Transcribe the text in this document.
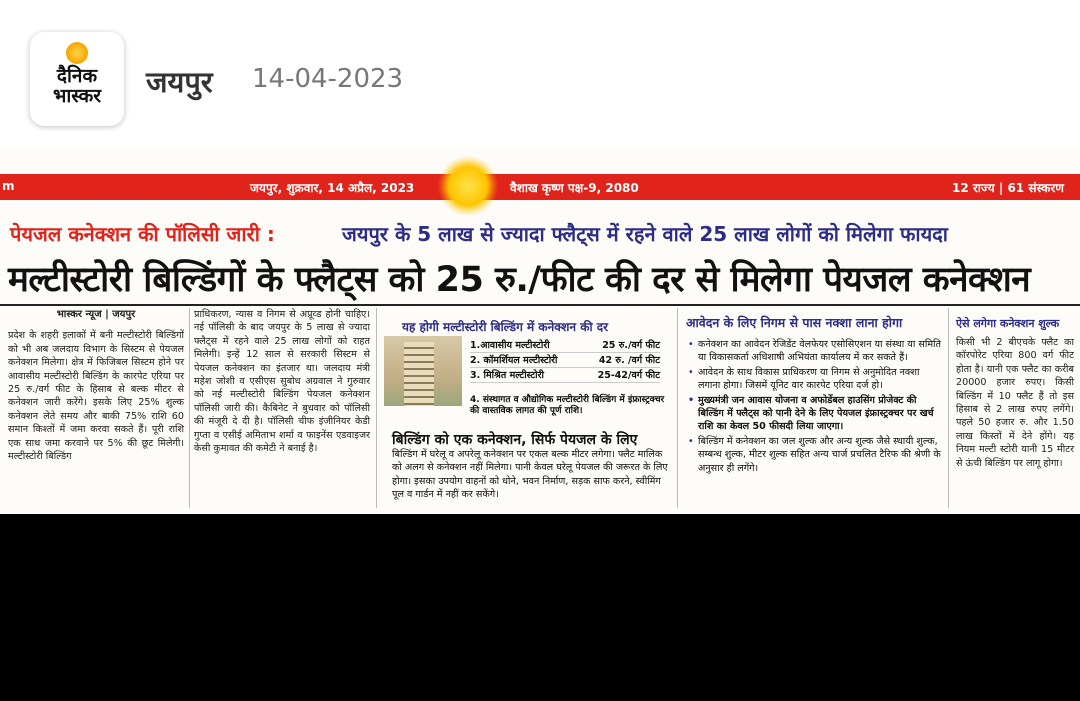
दैनिक भास्कर	जयपुर 14-04-2023
m	जयपुर, शुक्रवार, 14 अप्रैल, 2023	वैशाख कृष्ण पक्ष-9, 2080	12 राज्य | 61 संस्करण
पेयजल कनेक्शन की पॉलिसी जारी :	जयपुर के 5 लाख से ज्यादा फ्लैट्स में रहने वाले 25 लाख लोगों को मिलेगा फायदा
मल्टीस्टोरी बिल्डिंगों के फ्लैट्स को 25 रु./फीट की दर से मिलेगा पेयजल कनेक्शन
भास्कर न्यूज | जयपुर
प्रदेश के शहरी इलाकों में बनी मल्टीस्टोरी बिल्डिंगों को भी अब जलदाय विभाग के सिस्टम से पेयजल कनेक्शन मिलेगा। क्षेत्र में फिजिबल सिस्टम होने पर आवासीय मल्टीस्टोरी बिल्डिंग के कारपेट एरिया पर 25 रु./वर्ग फीट के हिसाब से बल्क मीटर से कनेक्शन जारी करेंगे। इसके लिए 25% शुल्क कनेक्शन लेते समय और बाकी 75% राशि 60 समान किश्तों में जमा करवा सकते हैं। पूरी राशि एक साथ जमा करवाने पर 5% की छूट मिलेगी। मल्टीस्टोरी बिल्डिंग
प्राधिकरण, न्यास व निगम से अप्रूव्ड होनी चाहिए। नई पॉलिसी के बाद जयपुर के 5 लाख से ज्यादा फ्लैट्स में रहने वाले 25 लाख लोगों को राहत मिलेगी। इन्हें 12 साल से सरकारी सिस्टम से पेयजल कनेक्शन का इंतजार था। जलदाय मंत्री महेश जोशी व एसीएस सुबोध अग्रवाल ने गुरुवार को नई मल्टीस्टोरी बिल्डिंग पेयजल कनेक्शन पॉलिसी जारी की। कैबिनेट ने बुधवार को पॉलिसी की मंजूरी दे दी है। पॉलिसी चीफ इंजीनियर केडी गुप्ता व एसीई अमिताभ शर्मा व फाइनेंस एडवाइजर केसी कुमावत की कमेटी ने बनाई है।
यह होगी मल्टीस्टोरी बिल्डिंग में कनेक्शन की दर
1.आवासीय मल्टीस्टोरी	25 रु./वर्ग फीट
2. कॉमर्शियल मल्टीस्टोरी	42 रु. /वर्ग फीट
3. मिश्रित मल्टीस्टोरी	25-42/वर्ग फीट
4. संस्थागत व औद्योगिक मल्टीस्टोरी बिल्डिंग में इंफ्रास्ट्रक्चर की वास्तविक लागत की पूर्ण राशि।
बिल्डिंग को एक कनेक्शन, सिर्फ पेयजल के लिए
बिल्डिंग में घरेलू व अपरेलू कनेक्शन पर एकल बल्क मीटर लगेगा। फ्लैट मालिक को अलग से कनेक्शन नहीं मिलेगा। पानी केवल घरेलू पेयजल की जरूरत के लिए होगा। इसका उपयोग वाहनों को धोने, भवन निर्माण, सड़क साफ करने, स्वीमिंग पूल व गार्डन में नहीं कर सकेंगे।
आवेदन के लिए निगम से पास नक्शा लाना होगा
• कनेक्शन का आवेदन रेजिडेंट वेलफेयर एसोसिएशन या संस्था या समिति या विकासकर्ता अधिशाषी अभियंता कार्यालय में कर सकते हैं।
• आवेदन के साथ विकास प्राधिकरण या निगम से अनुमोदित नक्शा लगाना होगा। जिसमें यूनिट वार कारपेट एरिया दर्ज हो।
• मुख्यमंत्री जन आवास योजना व अफोर्डेबल हाउसिंग प्रोजेक्ट की बिल्डिंग में फ्लैट्स को पानी देने के लिए पेयजल इंफ्रास्ट्रक्चर पर खर्च राशि का केवल 50 फीसदी लिया जाएगा।
• बिल्डिंग में कनेक्शन का जल शुल्क और अन्य शुल्क जैसे स्थायी शुल्क, सम्बन्ध शुल्क, मीटर शुल्क सहित अन्य चार्ज प्रचलित टैरिफ की श्रेणी के अनुसार ही लगेंगे।
ऐसे लगेगा कनेक्शन शुल्क
किसी भी 2 बीएचके फ्लैट का कॉरपोरेट एरिया 800 वर्ग फीट होता है। यानी एक फ्लैट का करीब 20000 हजार रुपए। किसी बिल्डिंग में 10 फ्लैट हैं तो इस हिसाब से 2 लाख रुपए लगेंगे। पहले 50 हजार रु. और 1.50 लाख किस्तों में देने होंगे। यह नियम मल्टी स्टोरी यानी 15 मीटर से ऊंची बिल्डिंग पर लागू होगा।
